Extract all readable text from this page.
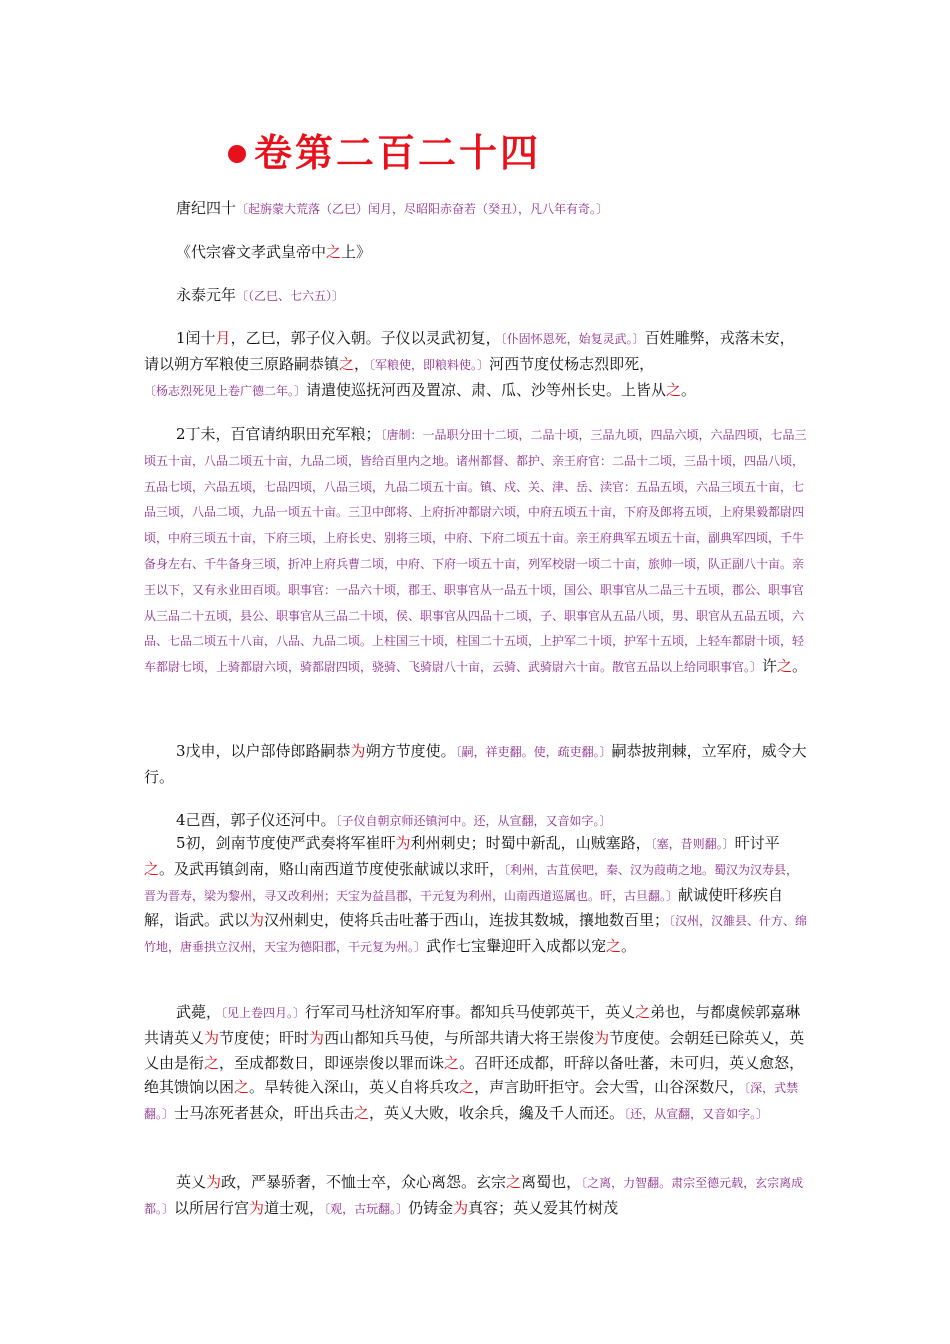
卷第二百二十四

唐纪四十〔起旃蒙大荒落（乙巳）闰月，尽昭阳赤奋若（癸丑），凡八年有奇。〕

《代宗睿文孝武皇帝中之上》

永泰元年〔（乙巳、七六五）〕

1闰十月，乙巳，郭子仪入朝。子仪以灵武初复，〔仆固怀恩死，始复灵武。〕百姓雕弊，戎落未安，请以朔方军粮使三原路嗣恭镇之，〔军粮使，即粮料使。〕河西节度仗杨志烈即死，〔杨志烈死见上卷广德二年。〕请遣使巡抚河西及置凉、肃、瓜、沙等州长史。上皆从之。

2丁未，百官请纳职田充军粮；〔唐制：一品职分田十二顷，二品十顷，三品九顷，四品六顷，六品四顷，七品三顷五十亩，八品二顷五十亩，九品二顷，皆给百里内之地。诸州都督、都护、亲王府官：二品十二顷，三品十顷，四品八顷，五品七顷，六品五顷，七品四顷，八品三顷，九品二顷五十亩。镇、戍、关、津、岳、渎官：五品五顷，六品三顷五十亩，七品三顷，八品二顷，九品一顷五十亩。三卫中郎将、上府折冲都尉六顷，中府五顷五十亩，下府及郎将五顷，上府果毅都尉四顷，中府三顷五十亩，下府三顷，上府长史、别将三顷，中府、下府二顷五十亩。亲王府典军五顷五十亩，副典军四顷，千牛备身左右、千牛备身三顷，折冲上府兵曹二顷，中府、下府一顷五十亩，列军校尉一顷二十亩，旅帅一顷，队正副八十亩。亲王以下，又有永业田百顷。职事官：一品六十顷，郡王、职事官从一品五十顷，国公、职事官从二品三十五顷，郡公、职事官从三品二十五顷，县公、职事官从三品二十顷，侯、职事官从四品十二顷，子、职事官从五品八顷，男、职官从五品五顷，六品、七品二顷五十八亩，八品、九品二顷。上柱国三十顷，柱国二十五顷，上护军二十顷，护军十五顷，上轻车都尉十顷，轻车都尉七顷，上骑都尉六顷，骑都尉四顷，骁骑、飞骑尉八十亩，云骑、武骑尉六十亩。散官五品以上给同职事官。〕许之。

3戊申，以户部侍郎路嗣恭为朔方节度使。〔嗣，祥吏翻。使，疏吏翻。〕嗣恭披荆棘，立军府，威令大行。

4己酉，郭子仪还河中。〔子仪自朝京师还镇河中。还，从宣翻，又音如字。〕

5初，剑南节度使严武奏将军崔旰为利州刺史；时蜀中新乱，山贼塞路，〔塞，昔则翻。〕旰讨平之。及武再镇剑南，赂山南西道节度使张献诚以求旰，〔利州，古苴侯吧，秦、汉为葭萌之地。蜀汉为汉寿县，晋为晋寿，梁为黎州，寻又改利州；天宝为益昌郡，干元复为利州，山南西道巡属也。旰，古旦翻。〕献诚使旰移疾自解，诣武。武以为汉州刺史，使将兵击吐蕃于西山，连拔其数城，攘地数百里；〔汉州，汉雒县、什方、绵竹地，唐垂拱立汉州，天宝为德阳郡，干元复为州。〕武作七宝轝迎旰入成都以宠之。

武薨，〔见上卷四月。〕行军司马杜济知军府事。都知兵马使郭英干，英乂之弟也，与都虞候郭嘉琳共请英乂为节度使；旰时为西山都知兵马使，与所部共请大将王崇俊为节度使。会朝廷已除英乂，英乂由是衔之，至成都数日，即诬崇俊以罪而诛之。召旰还成都，旰辞以备吐蕃，未可归，英乂愈怒，绝其馈饷以困之。旱转徙入深山，英乂自将兵攻之，声言助旰拒守。会大雪，山谷深数尺，〔深，式禁翻。〕士马冻死者甚众，旰出兵击之，英乂大败，收余兵，纔及千人而还。〔还，从宣翻，又音如字。〕

英乂为政，严暴骄奢，不恤士卒，众心离怨。玄宗之离蜀也，〔之离，力智翻。肃宗至德元载，玄宗离成都。〕以所居行宫为道士观，〔观，古玩翻。〕仍铸金为真容；英乂爱其竹树茂
